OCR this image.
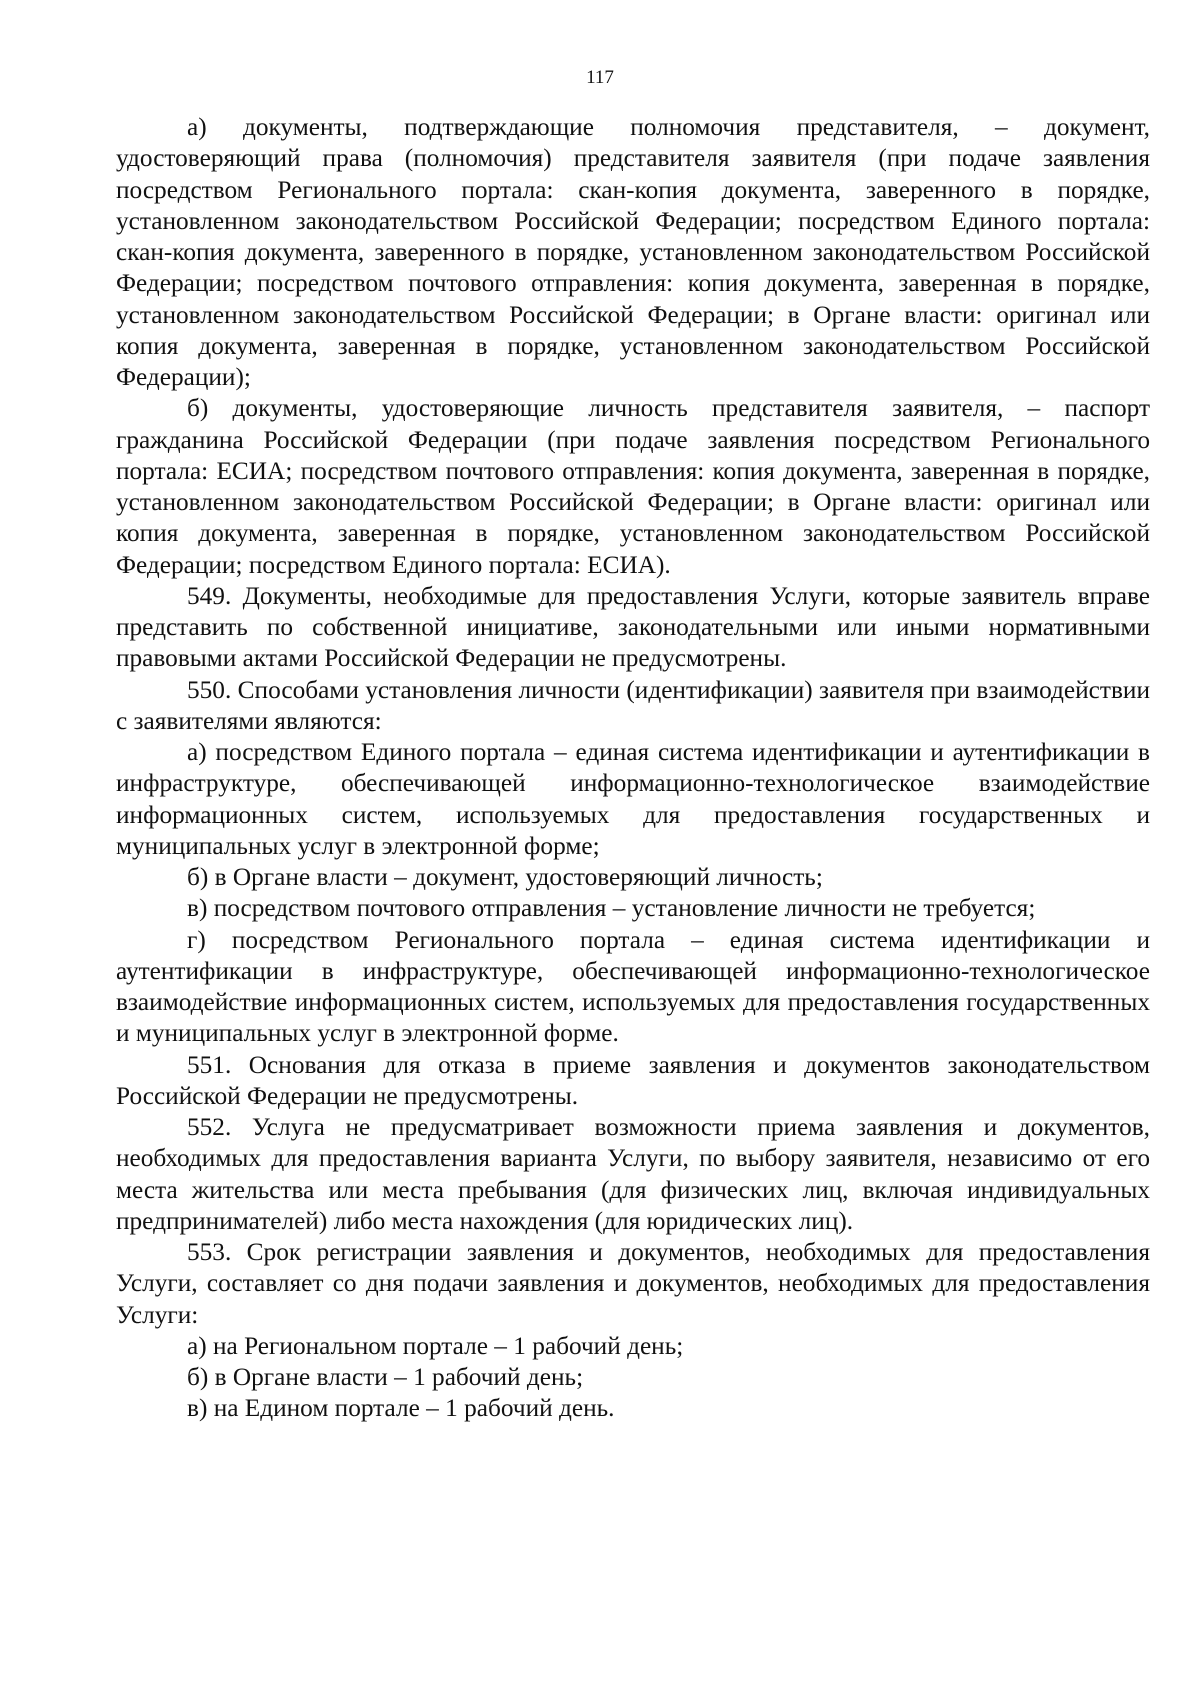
117

а) документы, подтверждающие полномочия представителя, – документ, удостоверяющий права (полномочия) представителя заявителя (при подаче заявления посредством Регионального портала: скан-копия документа, заверенного в порядке, установленном законодательством Российской Федерации; посредством Единого портала: скан-копия документа, заверенного в порядке, установленном законодательством Российской Федерации; посредством почтового отправления: копия документа, заверенная в порядке, установленном законодательством Российской Федерации; в Органе власти: оригинал или копия документа, заверенная в порядке, установленном законодательством Российской Федерации);

б) документы, удостоверяющие личность представителя заявителя, – паспорт гражданина Российской Федерации (при подаче заявления посредством Регионального портала: ЕСИА; посредством почтового отправления: копия документа, заверенная в порядке, установленном законодательством Российской Федерации; в Органе власти: оригинал или копия документа, заверенная в порядке, установленном законодательством Российской Федерации; посредством Единого портала: ЕСИА).

549. Документы, необходимые для предоставления Услуги, которые заявитель вправе представить по собственной инициативе, законодательными или иными нормативными правовыми актами Российской Федерации не предусмотрены.

550. Способами установления личности (идентификации) заявителя при взаимодействии с заявителями являются:

а) посредством Единого портала – единая система идентификации и аутентификации в инфраструктуре, обеспечивающей информационно-технологическое взаимодействие информационных систем, используемых для предоставления государственных и муниципальных услуг в электронной форме;

б) в Органе власти – документ, удостоверяющий личность;

в) посредством почтового отправления – установление личности не требуется;

г) посредством Регионального портала – единая система идентификации и аутентификации в инфраструктуре, обеспечивающей информационно-технологическое взаимодействие информационных систем, используемых для предоставления государственных и муниципальных услуг в электронной форме.

551. Основания для отказа в приеме заявления и документов законодательством Российской Федерации не предусмотрены.

552. Услуга не предусматривает возможности приема заявления и документов, необходимых для предоставления варианта Услуги, по выбору заявителя, независимо от его места жительства или места пребывания (для физических лиц, включая индивидуальных предпринимателей) либо места нахождения (для юридических лиц).

553. Срок регистрации заявления и документов, необходимых для предоставления Услуги, составляет со дня подачи заявления и документов, необходимых для предоставления Услуги:

а) на Региональном портале – 1 рабочий день;

б) в Органе власти – 1 рабочий день;

в) на Едином портале – 1 рабочий день.
